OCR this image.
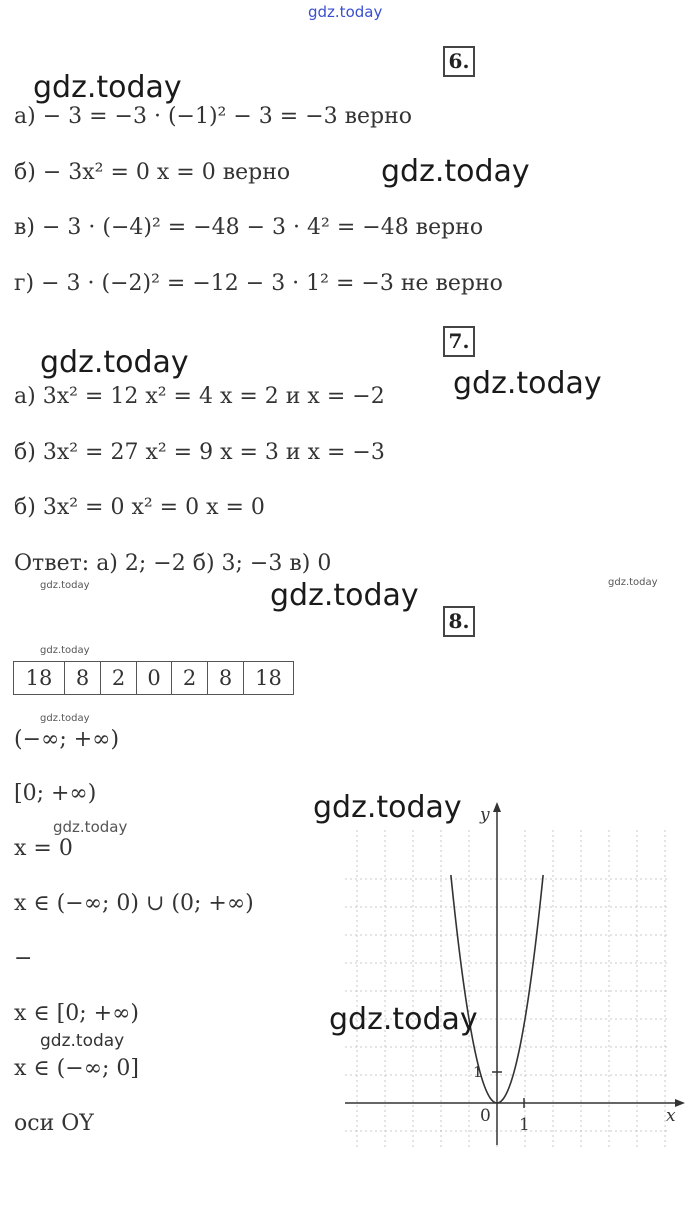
gdz.today
6.
gdz.today
а) − 3 = −3 · (−1)² − 3 = −3 верно
б) − 3x² = 0 x = 0 верно	gdz.today
в) − 3 · (−4)² = −48 − 3 · 4² = −48 верно
г) − 3 · (−2)² = −12 − 3 · 1² = −3 не верно
7.
gdz.today
gdz.today
а) 3x² = 12 x² = 4 x = 2 и x = −2
б) 3x² = 27 x² = 9 x = 3 и x = −3
б) 3x² = 0 x² = 0 x = 0
Ответ: а) 2; −2 б) 3; −3 в) 0
gdz.today	gdz.today
gdz.today
8.
gdz.today
18	8	2	0	2	8	18
gdz.today
(−∞; +∞)
[0; +∞)
gdz.today
x = 0
x ∈ (−∞; 0) ∪ (0; +∞)
−
x ∈ [0; +∞)
gdz.today
x ∈ (−∞; 0]
оси OY	x
y
0 1
1
gdz.today
gdz.today
